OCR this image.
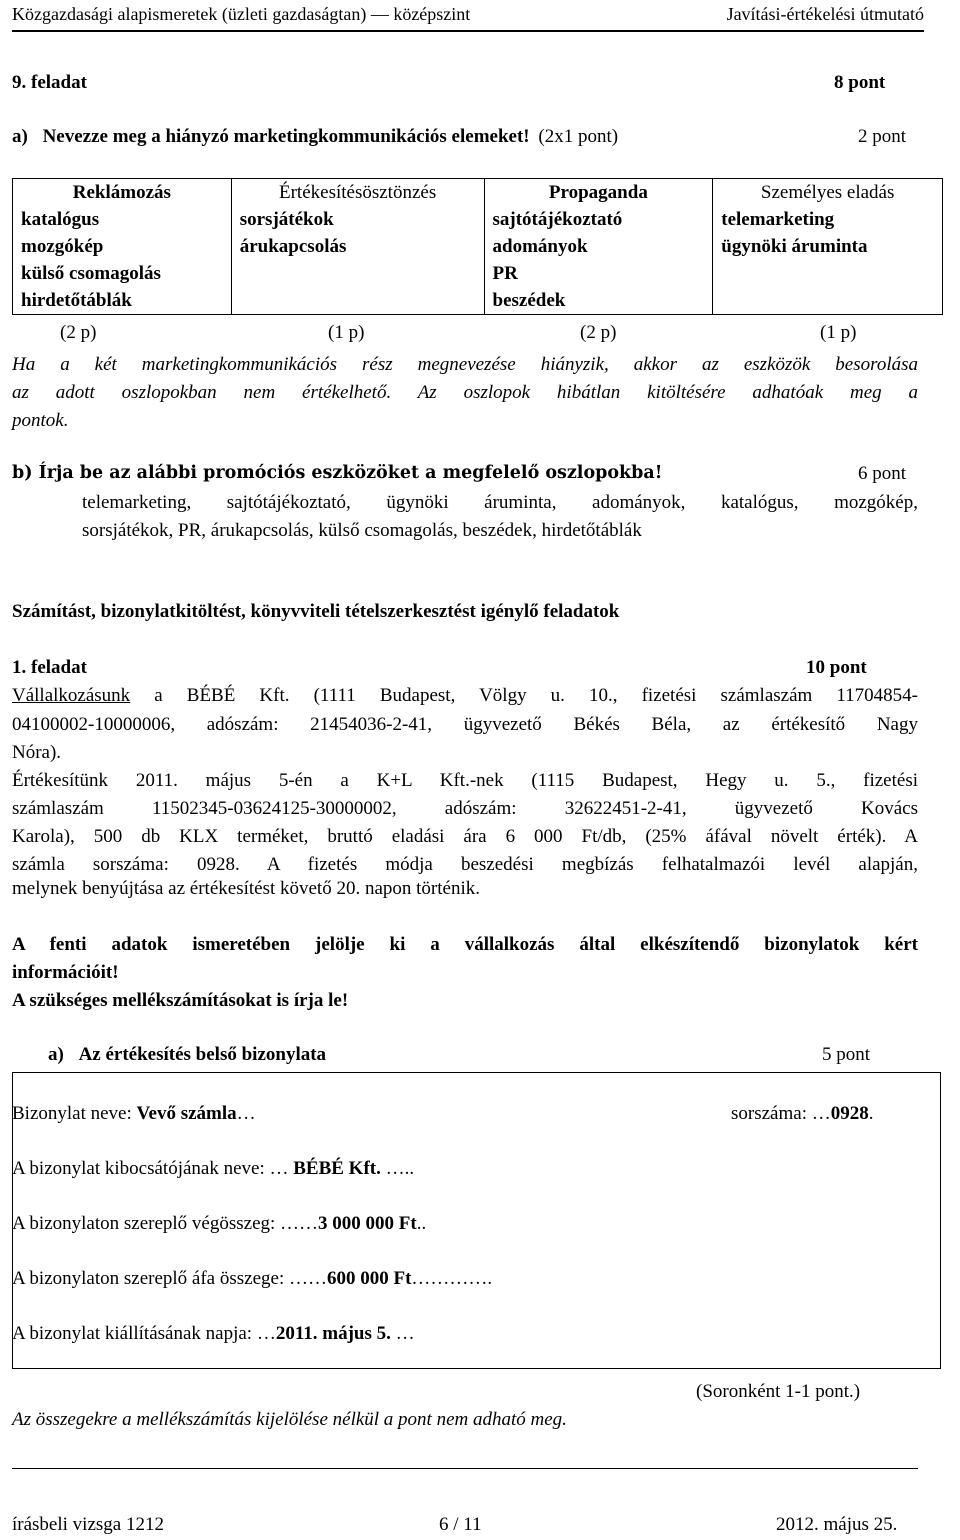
Közgazdasági alapismeretek (üzleti gazdaságtan) — középszint	Javítási-értékelési útmutató
9. feladat	8 pont
a) Nevezze meg a hiányzó marketingkommunikációs elemeket! (2x1 pont)	2 pont
Reklámozás	Értékesítésösztönzés	Propaganda	Személyes eladás
katalógus	sorsjátékok	sajtótájékoztató	telemarketing
mozgókép	árukapcsolás	adományok	ügynöki áruminta
külső csomagolás		PR	
hirdetőtáblák		beszédek	
(2 p)	(1 p)	(2 p)	(1 p)
Ha a két marketingkommunikációs rész megnevezése hiányzik, akkor az eszközök besorolása
az adott oszlopokban nem értékelhető. Az oszlopok hibátlan kitöltésére adhatóak meg a
pontok.
b) Írja be az alábbi promóciós eszközöket a megfelelő oszlopokba!	6 pont
telemarketing, sajtótájékoztató, ügynöki áruminta, adományok, katalógus, mozgókép,
sorsjátékok, PR, árukapcsolás, külső csomagolás, beszédek, hirdetőtáblák
Számítást, bizonylatkitöltést, könyvviteli tételszerkesztést igénylő feladatok
1. feladat	10 pont
Vállalkozásunk a BÉBÉ Kft. (1111 Budapest, Völgy u. 10., fizetési számlaszám 11704854-
04100002-10000006, adószám: 21454036-2-41, ügyvezető Békés Béla, az értékesítő Nagy
Nóra).
Értékesítünk 2011. május 5-én a K+L Kft.-nek (1115 Budapest, Hegy u. 5., fizetési
számlaszám 11502345-03624125-30000002, adószám: 32622451-2-41, ügyvezető Kovács
Karola), 500 db KLX terméket, bruttó eladási ára 6 000 Ft/db, (25% áfával növelt érték). A
számla sorszáma: 0928. A fizetés módja beszedési megbízás felhatalmazói levél alapján,
melynek benyújtása az értékesítést követő 20. napon történik.
A fenti adatok ismeretében jelölje ki a vállalkozás által elkészítendő bizonylatok kért
információit!
A szükséges mellékszámításokat is írja le!
a) Az értékesítés belső bizonylata	5 pont
Bizonylat neve: Vevő számla…	sorszáma: …0928.
A bizonylat kibocsátójának neve: … BÉBÉ Kft. …..
A bizonylaton szereplő végösszeg: ……3 000 000 Ft..
A bizonylaton szereplő áfa összege: ……600 000 Ft………….
A bizonylat kiállításának napja: …2011. május 5. …
(Soronként 1-1 pont.)
Az összegekre a mellékszámítás kijelölése nélkül a pont nem adható meg.
írásbeli vizsga 1212	6 / 11	2012. május 25.
